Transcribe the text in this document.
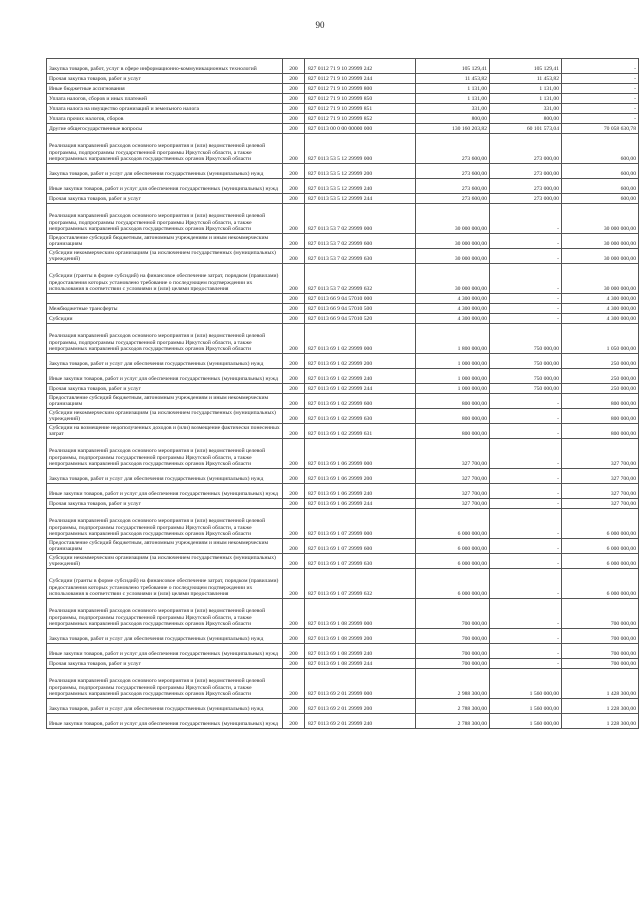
90
Закупка товаров, работ, услуг в сфере информационно-коммуникационных технологий	200	827 0112 71 9 10 29999 242	105 129,41	105 129,41	-
Прочая закупка товаров, работ и услуг	200	827 0112 71 9 10 29999 244	11 453,82	11 453,82	-
Иные бюджетные ассигнования	200	827 0112 71 9 10 29999 800	1 131,00	1 131,00	-
Уплата налогов, сборов и иных платежей	200	827 0112 71 9 10 29999 850	1 131,00	1 131,00	-
Уплата налога на имущество организаций и земельного налога	200	827 0112 71 9 10 29999 851	331,00	331,00	-
Уплата прочих налогов, сборов	200	827 0112 71 9 10 29999 852	800,00	800,00	-
Другие общегосударственные вопросы	200	827 0113 00 0 00 00000 000	130 160 203,82	60 101 573,04	70 058 630,78
Реализация направлений расходов основного мероприятия и (или) ведомственной целевой программы, подпрограммы государственной программы Иркутской области, а также непрограммных направлений расходов государственных органов Иркутской области	200	827 0113 53 5 12 29999 000	273 600,00	273 000,00	600,00
Закупка товаров, работ и услуг для обеспечения государственных (муниципальных) нужд	200	827 0113 53 5 12 29999 200	273 600,00	273 000,00	600,00
Иные закупки товаров, работ и услуг для обеспечения государственных (муниципальных) нужд	200	827 0113 53 5 12 29999 240	273 600,00	273 000,00	600,00
Прочая закупка товаров, работ и услуг	200	827 0113 53 5 12 29999 244	273 600,00	273 000,00	600,00
Реализация направлений расходов основного мероприятия и (или) ведомственной целевой программы, подпрограммы государственной программы Иркутской области, а также непрограммных направлений расходов государственных органов Иркутской области	200	827 0113 53 7 02 29999 000	30 000 000,00	-	30 000 000,00
Предоставление субсидий бюджетным, автономным учреждениям и иным некоммерческим организациям	200	827 0113 53 7 02 29999 600	30 000 000,00	-	30 000 000,00
Субсидии некоммерческим организациям (за исключением государственных (муниципальных) учреждений)	200	827 0113 53 7 02 29999 630	30 000 000,00	-	30 000 000,00
Субсидии (гранты в форме субсидий) на финансовое обеспечение затрат, порядком (правилами) предоставления которых установлено требование о последующем подтверждении их использования в соответствии с условиями и (или) целями предоставления	200	827 0113 53 7 02 29999 632	30 000 000,00	-	30 000 000,00
	200	827 0113 66 9 04 57010 000	4 300 000,00	-	4 300 000,00
Межбюджетные трансферты	200	827 0113 66 9 04 57010 500	4 300 000,00	-	4 300 000,00
Субсидии	200	827 0113 66 9 04 57010 520	4 300 000,00	-	4 300 000,00
Реализация направлений расходов основного мероприятия и (или) ведомственной целевой программы, подпрограммы государственной программы Иркутской области, а также непрограммных направлений расходов государственных органов Иркутской области	200	827 0113 69 1 02 29999 000	1 800 000,00	750 000,00	1 050 000,00
Закупка товаров, работ и услуг для обеспечения государственных (муниципальных) нужд	200	827 0113 69 1 02 29999 200	1 000 000,00	750 000,00	250 000,00
Иные закупки товаров, работ и услуг для обеспечения государственных (муниципальных) нужд	200	827 0113 69 1 02 29999 240	1 000 000,00	750 000,00	250 000,00
Прочая закупка товаров, работ и услуг	200	827 0113 69 1 02 29999 244	1 000 000,00	750 000,00	250 000,00
Предоставление субсидий бюджетным, автономным учреждениям и иным некоммерческим организациям	200	827 0113 69 1 02 29999 600	800 000,00	-	800 000,00
Субсидии некоммерческим организациям (за исключением государственных (муниципальных) учреждений)	200	827 0113 69 1 02 29999 630	800 000,00	-	800 000,00
Субсидии на возмещение недополученных доходов и (или) возмещение фактически понесенных затрат	200	827 0113 69 1 02 29999 631	800 000,00	-	800 000,00
Реализация направлений расходов основного мероприятия и (или) ведомственной целевой программы, подпрограммы государственной программы Иркутской области, а также непрограммных направлений расходов государственных органов Иркутской области	200	827 0113 69 1 06 29999 000	327 700,00	-	327 700,00
Закупка товаров, работ и услуг для обеспечения государственных (муниципальных) нужд	200	827 0113 69 1 06 29999 200	327 700,00	-	327 700,00
Иные закупки товаров, работ и услуг для обеспечения государственных (муниципальных) нужд	200	827 0113 69 1 06 29999 240	327 700,00	-	327 700,00
Прочая закупка товаров, работ и услуг	200	827 0113 69 1 06 29999 244	327 700,00	-	327 700,00
Реализация направлений расходов основного мероприятия и (или) ведомственной целевой программы, подпрограммы государственной программы Иркутской области, а также непрограммных направлений расходов государственных органов Иркутской области	200	827 0113 69 1 07 29999 000	6 000 000,00	-	6 000 000,00
Предоставление субсидий бюджетным, автономным учреждениям и иным некоммерческим организациям	200	827 0113 69 1 07 29999 600	6 000 000,00	-	6 000 000,00
Субсидии некоммерческим организациям (за исключением государственных (муниципальных) учреждений)	200	827 0113 69 1 07 29999 630	6 000 000,00	-	6 000 000,00
Субсидии (гранты в форме субсидий) на финансовое обеспечение затрат, порядком (правилами) предоставления которых установлено требование о последующем подтверждении их использования в соответствии с условиями и (или) целями предоставления	200	827 0113 69 1 07 29999 632	6 000 000,00	-	6 000 000,00
Реализация направлений расходов основного мероприятия и (или) ведомственной целевой программы, подпрограммы государственной программы Иркутской области, а также непрограммных направлений расходов государственных органов Иркутской области	200	827 0113 69 1 08 29999 000	700 000,00	-	700 000,00
Закупка товаров, работ и услуг для обеспечения государственных (муниципальных) нужд	200	827 0113 69 1 08 29999 200	700 000,00	-	700 000,00
Иные закупки товаров, работ и услуг для обеспечения государственных (муниципальных) нужд	200	827 0113 69 1 08 29999 240	700 000,00	-	700 000,00
Прочая закупка товаров, работ и услуг	200	827 0113 69 1 08 29999 244	700 000,00	-	700 000,00
Реализация направлений расходов основного мероприятия и (или) ведомственной целевой программы, подпрограммы государственной программы Иркутской области, а также непрограммных направлений расходов государственных органов Иркутской области	200	827 0113 69 2 01 29999 000	2 988 300,00	1 560 000,00	1 428 300,00
Закупка товаров, работ и услуг для обеспечения государственных (муниципальных) нужд	200	827 0113 69 2 01 29999 200	2 788 300,00	1 560 000,00	1 228 300,00
Иные закупки товаров, работ и услуг для обеспечения государственных (муниципальных) нужд	200	827 0113 69 2 01 29999 240	2 788 300,00	1 560 000,00	1 228 300,00
